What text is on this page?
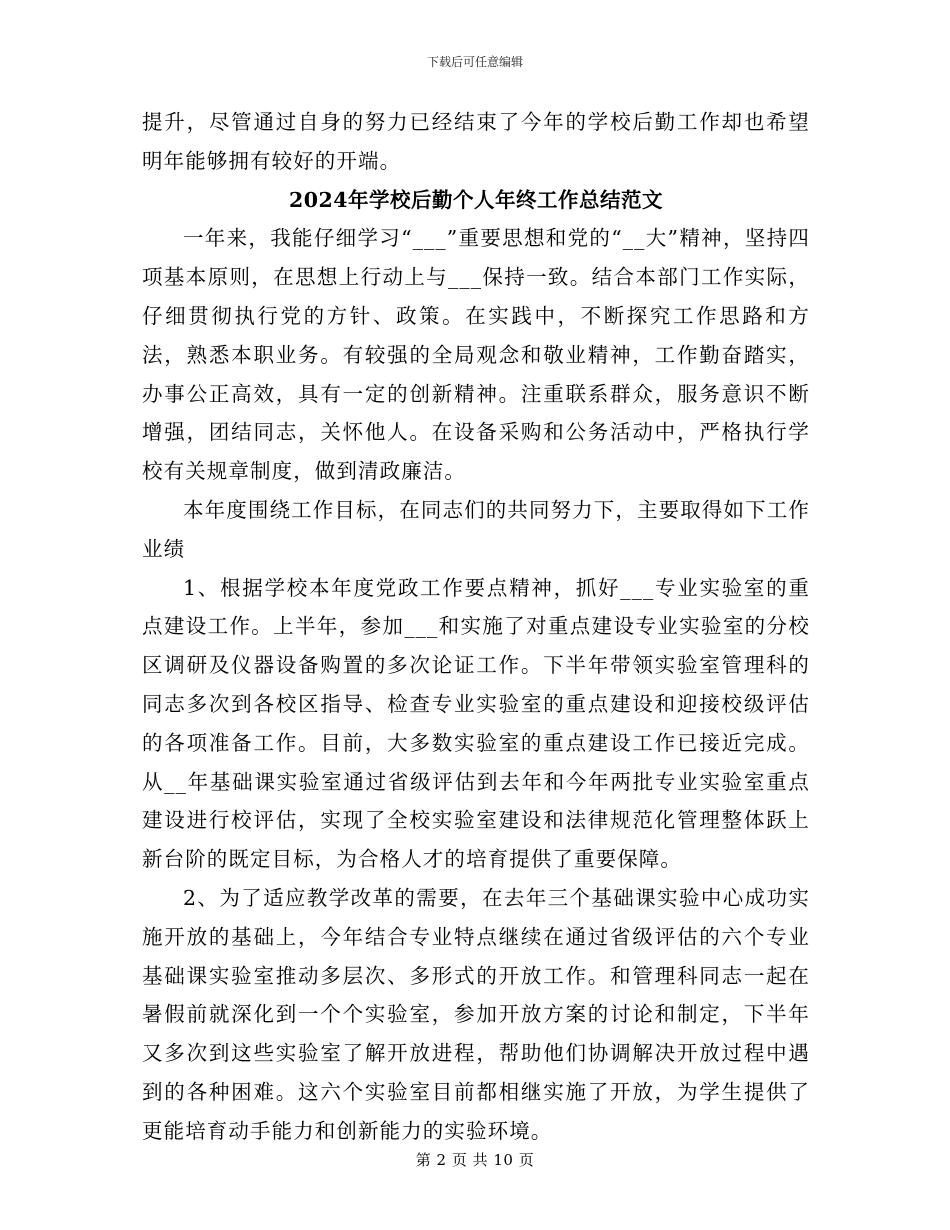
下载后可任意编辑

提升，尽管通过自身的努力已经结束了今年的学校后勤工作却也希望明年能够拥有较好的开端。

2024年学校后勤个人年终工作总结范文

一年来，我能仔细学习“___”重要思想和党的“__大”精神，坚持四项基本原则，在思想上行动上与___保持一致。结合本部门工作实际，仔细贯彻执行党的方针、政策。在实践中，不断探究工作思路和方法，熟悉本职业务。有较强的全局观念和敬业精神，工作勤奋踏实，办事公正高效，具有一定的创新精神。注重联系群众，服务意识不断增强，团结同志，关怀他人。在设备采购和公务活动中，严格执行学校有关规章制度，做到清政廉洁。

本年度围绕工作目标，在同志们的共同努力下，主要取得如下工作业绩

1、根据学校本年度党政工作要点精神，抓好___专业实验室的重点建设工作。上半年，参加___和实施了对重点建设专业实验室的分校区调研及仪器设备购置的多次论证工作。下半年带领实验室管理科的同志多次到各校区指导、检查专业实验室的重点建设和迎接校级评估的各项准备工作。目前，大多数实验室的重点建设工作已接近完成。从__年基础课实验室通过省级评估到去年和今年两批专业实验室重点建设进行校评估，实现了全校实验室建设和法律规范化管理整体跃上新台阶的既定目标，为合格人才的培育提供了重要保障。

2、为了适应教学改革的需要，在去年三个基础课实验中心成功实施开放的基础上，今年结合专业特点继续在通过省级评估的六个专业基础课实验室推动多层次、多形式的开放工作。和管理科同志一起在暑假前就深化到一个个实验室，参加开放方案的讨论和制定，下半年又多次到这些实验室了解开放进程，帮助他们协调解决开放过程中遇到的各种困难。这六个实验室目前都相继实施了开放，为学生提供了更能培育动手能力和创新能力的实验环境。

第 2 页 共 10 页
